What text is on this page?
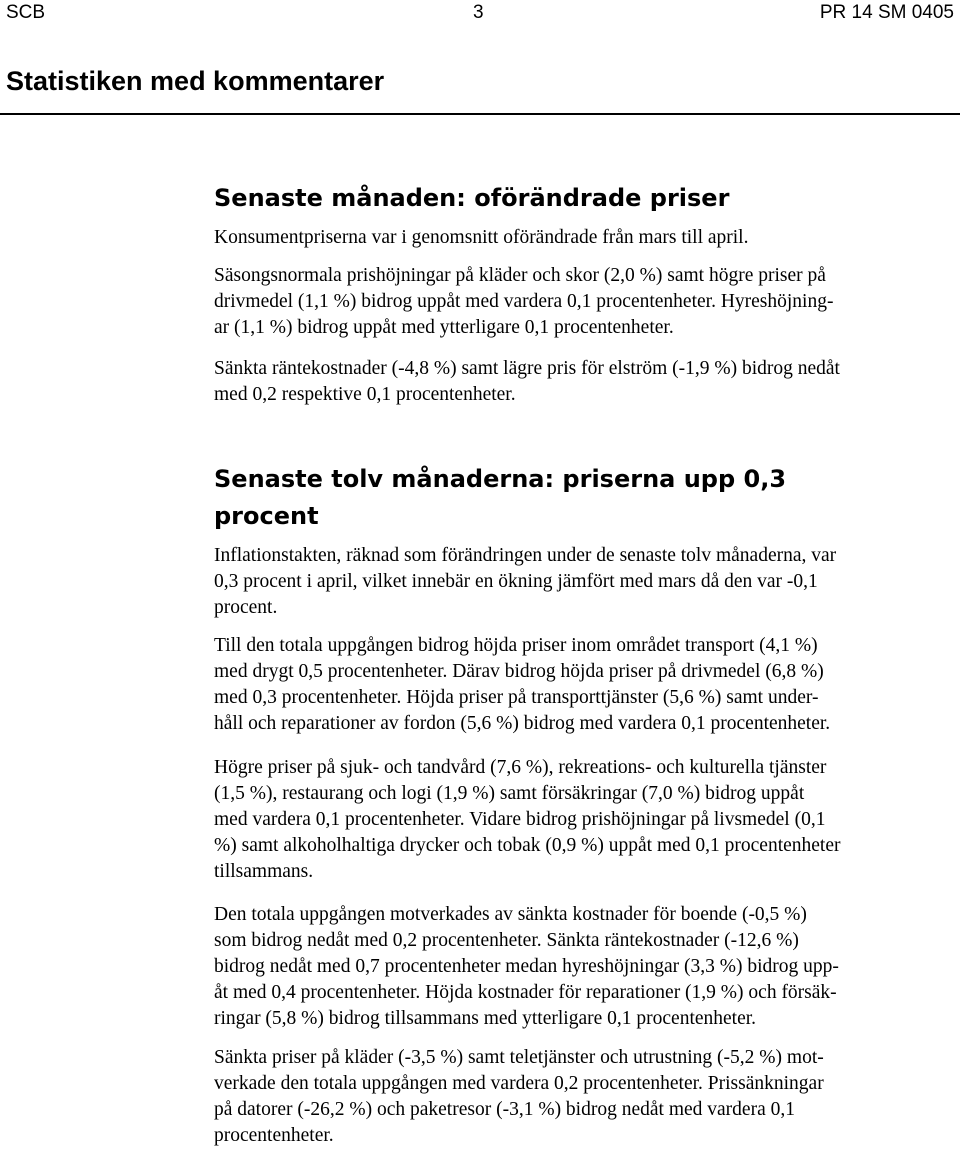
SCB	3	PR 14 SM 0405
Statistiken med kommentarer
Senaste månaden: oförändrade priser

Konsumentpriserna var i genomsnitt oförändrade från mars till april.

Säsongsnormala prishöjningar på kläder och skor (2,0 %) samt högre priser på
drivmedel (1,1 %) bidrog uppåt med vardera 0,1 procentenheter. Hyreshöjning-
ar (1,1 %) bidrog uppåt med ytterligare 0,1 procentenheter.

Sänkta räntekostnader (-4,8 %) samt lägre pris för elström (-1,9 %) bidrog nedåt
med 0,2 respektive 0,1 procentenheter.

Senaste tolv månaderna: priserna upp 0,3
procent

Inflationstakten, räknad som förändringen under de senaste tolv månaderna, var
0,3 procent i april, vilket innebär en ökning jämfört med mars då den var -0,1
procent.

Till den totala uppgången bidrog höjda priser inom området transport (4,1 %)
med drygt 0,5 procentenheter. Därav bidrog höjda priser på drivmedel (6,8 %)
med 0,3 procentenheter. Höjda priser på transporttjänster (5,6 %) samt under-
håll och reparationer av fordon (5,6 %) bidrog med vardera 0,1 procentenheter.

Högre priser på sjuk- och tandvård (7,6 %), rekreations- och kulturella tjänster
(1,5 %), restaurang och logi (1,9 %) samt försäkringar (7,0 %) bidrog uppåt
med vardera 0,1 procentenheter. Vidare bidrog prishöjningar på livsmedel (0,1
%) samt alkoholhaltiga drycker och tobak (0,9 %) uppåt med 0,1 procentenheter
tillsammans.

Den totala uppgången motverkades av sänkta kostnader för boende (-0,5 %)
som bidrog nedåt med 0,2 procentenheter. Sänkta räntekostnader (-12,6 %)
bidrog nedåt med 0,7 procentenheter medan hyreshöjningar (3,3 %) bidrog upp-
åt med 0,4 procentenheter. Höjda kostnader för reparationer (1,9 %) och försäk-
ringar (5,8 %) bidrog tillsammans med ytterligare 0,1 procentenheter.

Sänkta priser på kläder (-3,5 %) samt teletjänster och utrustning (-5,2 %) mot-
verkade den totala uppgången med vardera 0,2 procentenheter. Prissänkningar
på datorer (-26,2 %) och paketresor (-3,1 %) bidrog nedåt med vardera 0,1
procentenheter.
